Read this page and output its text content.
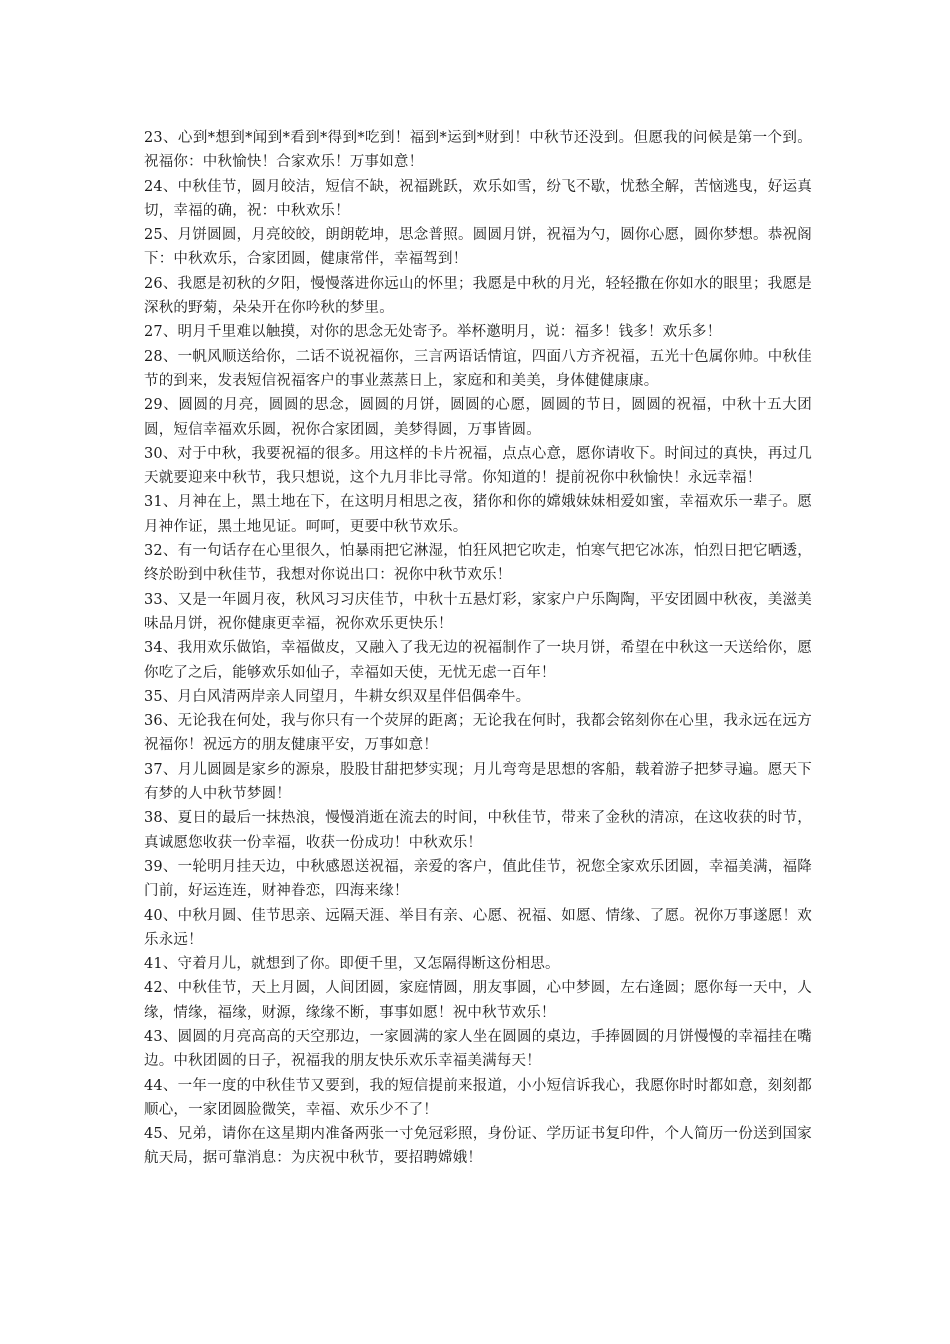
23、心到*想到*闻到*看到*得到*吃到！福到*运到*财到！中秋节还没到。但愿我的问候是第一个到。祝福你：中秋愉快！合家欢乐！万事如意！

24、中秋佳节，圆月皎洁，短信不缺，祝福跳跃，欢乐如雪，纷飞不歇，忧愁全解，苦恼逃曳，好运真切，幸福的确，祝：中秋欢乐！

25、月饼圆圆，月亮皎皎，朗朗乾坤，思念普照。圆圆月饼，祝福为勺，圆你心愿，圆你梦想。恭祝阁下：中秋欢乐，合家团圆，健康常伴，幸福驾到！

26、我愿是初秋的夕阳，慢慢落进你远山的怀里；我愿是中秋的月光，轻轻撒在你如水的眼里；我愿是深秋的野菊，朵朵开在你吟秋的梦里。

27、明月千里难以触摸，对你的思念无处寄予。举杯邀明月，说：福多！钱多！欢乐多！

28、一帆风顺送给你，二话不说祝福你，三言两语话情谊，四面八方齐祝福，五光十色属你帅。中秋佳节的到来，发表短信祝福客户的事业蒸蒸日上，家庭和和美美，身体健健康康。

29、圆圆的月亮，圆圆的思念，圆圆的月饼，圆圆的心愿，圆圆的节日，圆圆的祝福，中秋十五大团圆，短信幸福欢乐圆，祝你合家团圆，美梦得圆，万事皆圆。

30、对于中秋，我要祝福的很多。用这样的卡片祝福，点点心意，愿你请收下。时间过的真快，再过几天就要迎来中秋节，我只想说，这个九月非比寻常。你知道的！提前祝你中秋愉快！永远幸福！

31、月神在上，黑土地在下，在这明月相思之夜，猪你和你的嫦娥妹妹相爱如蜜，幸福欢乐一辈子。愿月神作证，黑土地见证。呵呵，更要中秋节欢乐。

32、有一句话存在心里很久，怕暴雨把它淋湿，怕狂风把它吹走，怕寒气把它冰冻，怕烈日把它晒透，终於盼到中秋佳节，我想对你说出口：祝你中秋节欢乐！

33、又是一年圆月夜，秋风习习庆佳节，中秋十五悬灯彩，家家户户乐陶陶，平安团圆中秋夜，美滋美味品月饼，祝你健康更幸福，祝你欢乐更快乐！

34、我用欢乐做馅，幸福做皮，又融入了我无边的祝福制作了一块月饼，希望在中秋这一天送给你，愿你吃了之后，能够欢乐如仙子，幸福如天使，无忧无虑一百年！

35、月白风清两岸亲人同望月，牛耕女织双星伴侣偶牵牛。

36、无论我在何处，我与你只有一个荧屏的距离；无论我在何时，我都会铭刻你在心里，我永远在远方祝福你！祝远方的朋友健康平安，万事如意！

37、月儿圆圆是家乡的源泉，股股甘甜把梦实现；月儿弯弯是思想的客船，载着游子把梦寻遍。愿天下有梦的人中秋节梦圆！

38、夏日的最后一抹热浪，慢慢消逝在流去的时间，中秋佳节，带来了金秋的清凉，在这收获的时节，真诚愿您收获一份幸福，收获一份成功！中秋欢乐！

39、一轮明月挂天边，中秋感恩送祝福，亲爱的客户，值此佳节，祝您全家欢乐团圆，幸福美满，福降门前，好运连连，财神眷恋，四海来缘！

40、中秋月圆、佳节思亲、远隔天涯、举目有亲、心愿、祝福、如愿、情缘、了愿。祝你万事遂愿！欢乐永远！

41、守着月儿，就想到了你。即便千里，又怎隔得断这份相思。

42、中秋佳节，天上月圆，人间团圆，家庭情圆，朋友事圆，心中梦圆，左右逢圆；愿你每一天中，人缘，情缘，福缘，财源，缘缘不断，事事如愿！祝中秋节欢乐！

43、圆圆的月亮高高的天空那边，一家圆满的家人坐在圆圆的桌边，手捧圆圆的月饼慢慢的幸福挂在嘴边。中秋团圆的日子，祝福我的朋友快乐欢乐幸福美满每天！

44、一年一度的中秋佳节又要到，我的短信提前来报道，小小短信诉我心，我愿你时时都如意，刻刻都顺心，一家团圆脸微笑，幸福、欢乐少不了！

45、兄弟，请你在这星期内准备两张一寸免冠彩照，身份证、学历证书复印件，个人简历一份送到国家航天局，据可靠消息：为庆祝中秋节，要招聘嫦娥！
